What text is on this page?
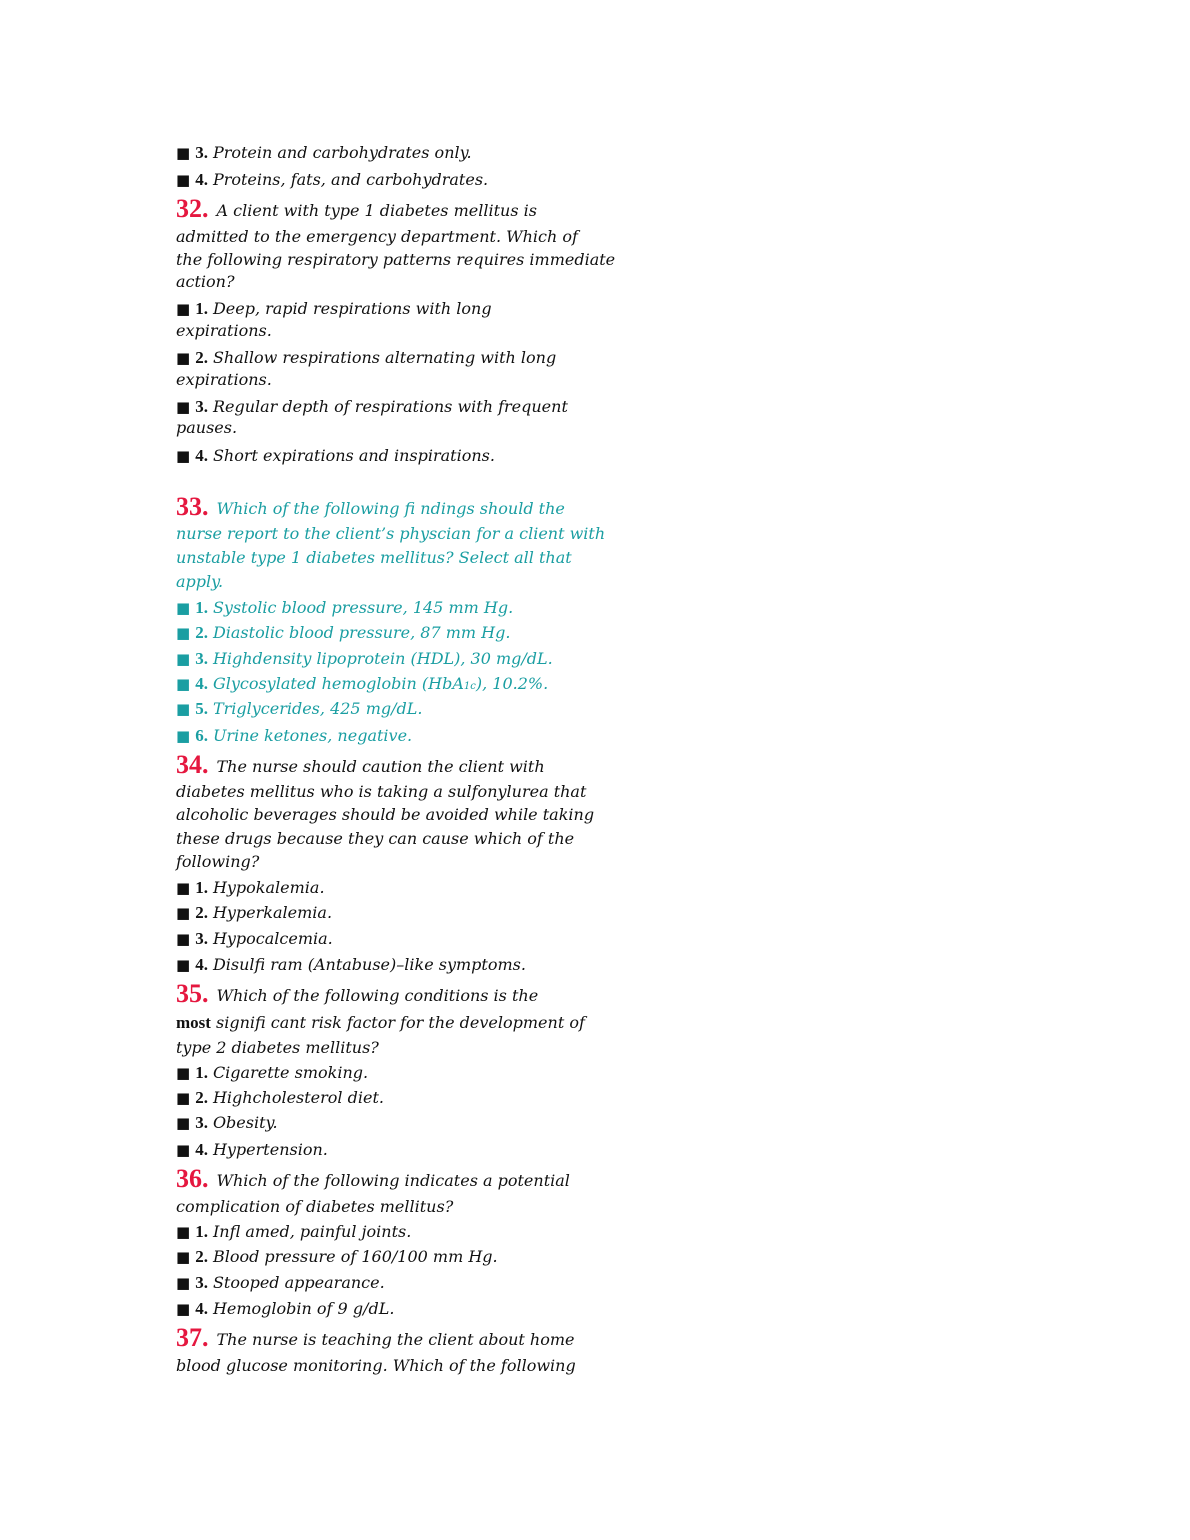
■ 3. Protein and carbohydrates only.
■ 4. Proteins, fats, and carbohydrates.
32. A client with type 1 diabetes mellitus is
admitted to the emergency department. Which of
the following respiratory patterns requires immediate
action?
■ 1. Deep, rapid respirations with long
expirations.
■ 2. Shallow respirations alternating with long
expirations.
■ 3. Regular depth of respirations with frequent
pauses.
■ 4. Short expirations and inspirations.
33. Which of the following fi ndings should the
nurse report to the client’s physcian for a client with
unstable type 1 diabetes mellitus? Select all that
apply.
■ 1. Systolic blood pressure, 145 mm Hg.
■ 2. Diastolic blood pressure, 87 mm Hg.
■ 3. Highdensity lipoprotein (HDL), 30 mg/dL.
■ 4. Glycosylated hemoglobin (HbA1c), 10.2%.
■ 5. Triglycerides, 425 mg/dL.
■ 6. Urine ketones, negative.
34. The nurse should caution the client with
diabetes mellitus who is taking a sulfonylurea that
alcoholic beverages should be avoided while taking
these drugs because they can cause which of the
following?
■ 1. Hypokalemia.
■ 2. Hyperkalemia.
■ 3. Hypocalcemia.
■ 4. Disulfi ram (Antabuse)–like symptoms.
35. Which of the following conditions is the
most signifi cant risk factor for the development of
type 2 diabetes mellitus?
■ 1. Cigarette smoking.
■ 2. Highcholesterol diet.
■ 3. Obesity.
■ 4. Hypertension.
36. Which of the following indicates a potential
complication of diabetes mellitus?
■ 1. Infl amed, painful joints.
■ 2. Blood pressure of 160/100 mm Hg.
■ 3. Stooped appearance.
■ 4. Hemoglobin of 9 g/dL.
37. The nurse is teaching the client about home
blood glucose monitoring. Which of the following
